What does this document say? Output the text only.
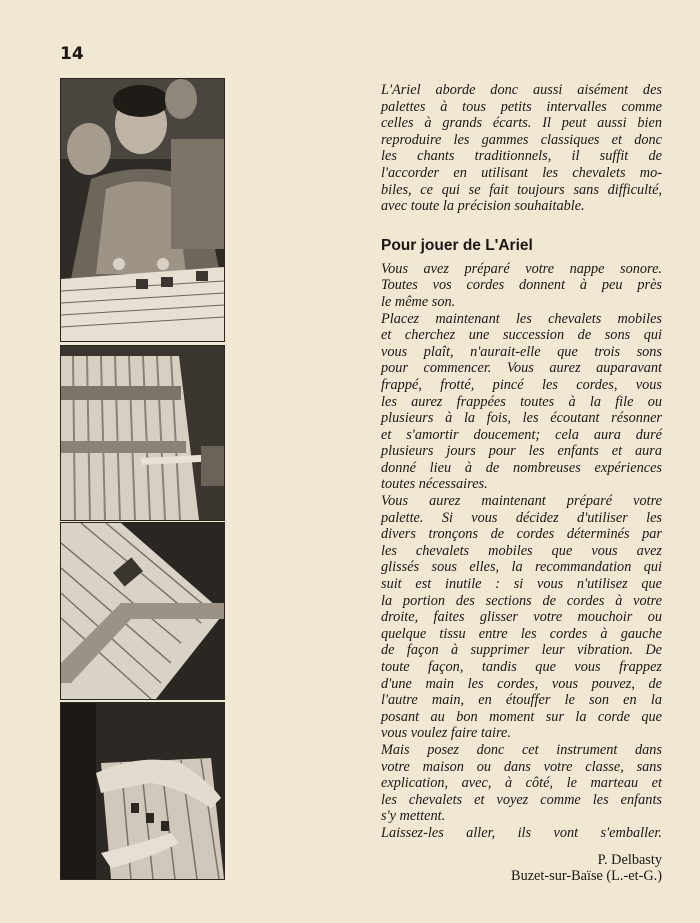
14
L'Ariel aborde donc aussi aisément des
palettes à tous petits intervalles comme
celles à grands écarts. Il peut aussi bien
reproduire les gammes classiques et donc
les chants traditionnels, il suffit de
l'accorder en utilisant les chevalets mo-
biles, ce qui se fait toujours sans difficulté,
avec toute la précision souhaitable.
Pour jouer de L'Ariel
Vous avez préparé votre nappe sonore.
Toutes vos cordes donnent à peu près
le même son.
Placez maintenant les chevalets mobiles
et cherchez une succession de sons qui
vous plaît, n'aurait-elle que trois sons
pour commencer. Vous aurez auparavant
frappé, frotté, pincé les cordes, vous
les aurez frappées toutes à la file ou
plusieurs à la fois, les écoutant résonner
et s'amortir doucement; cela aura duré
plusieurs jours pour les enfants et aura
donné lieu à de nombreuses expériences
toutes nécessaires.
Vous aurez maintenant préparé votre
palette. Si vous décidez d'utiliser les
divers tronçons de cordes déterminés par
les chevalets mobiles que vous avez
glissés sous elles, la recommandation qui
suit est inutile : si vous n'utilisez que
la portion des sections de cordes à votre
droite, faites glisser votre mouchoir ou
quelque tissu entre les cordes à gauche
de façon à supprimer leur vibration. De
toute façon, tandis que vous frappez
d'une main les cordes, vous pouvez, de
l'autre main, en étouffer le son en la
posant au bon moment sur la corde que
vous voulez faire taire.
Mais posez donc cet instrument dans
votre maison ou dans votre classe, sans
explication, avec, à côté, le marteau et
les chevalets et voyez comme les enfants
s'y mettent.
Laissez-les aller, ils vont s'emballer.
P. Delbasty
Buzet-sur-Baïse (L.-et-G.)
